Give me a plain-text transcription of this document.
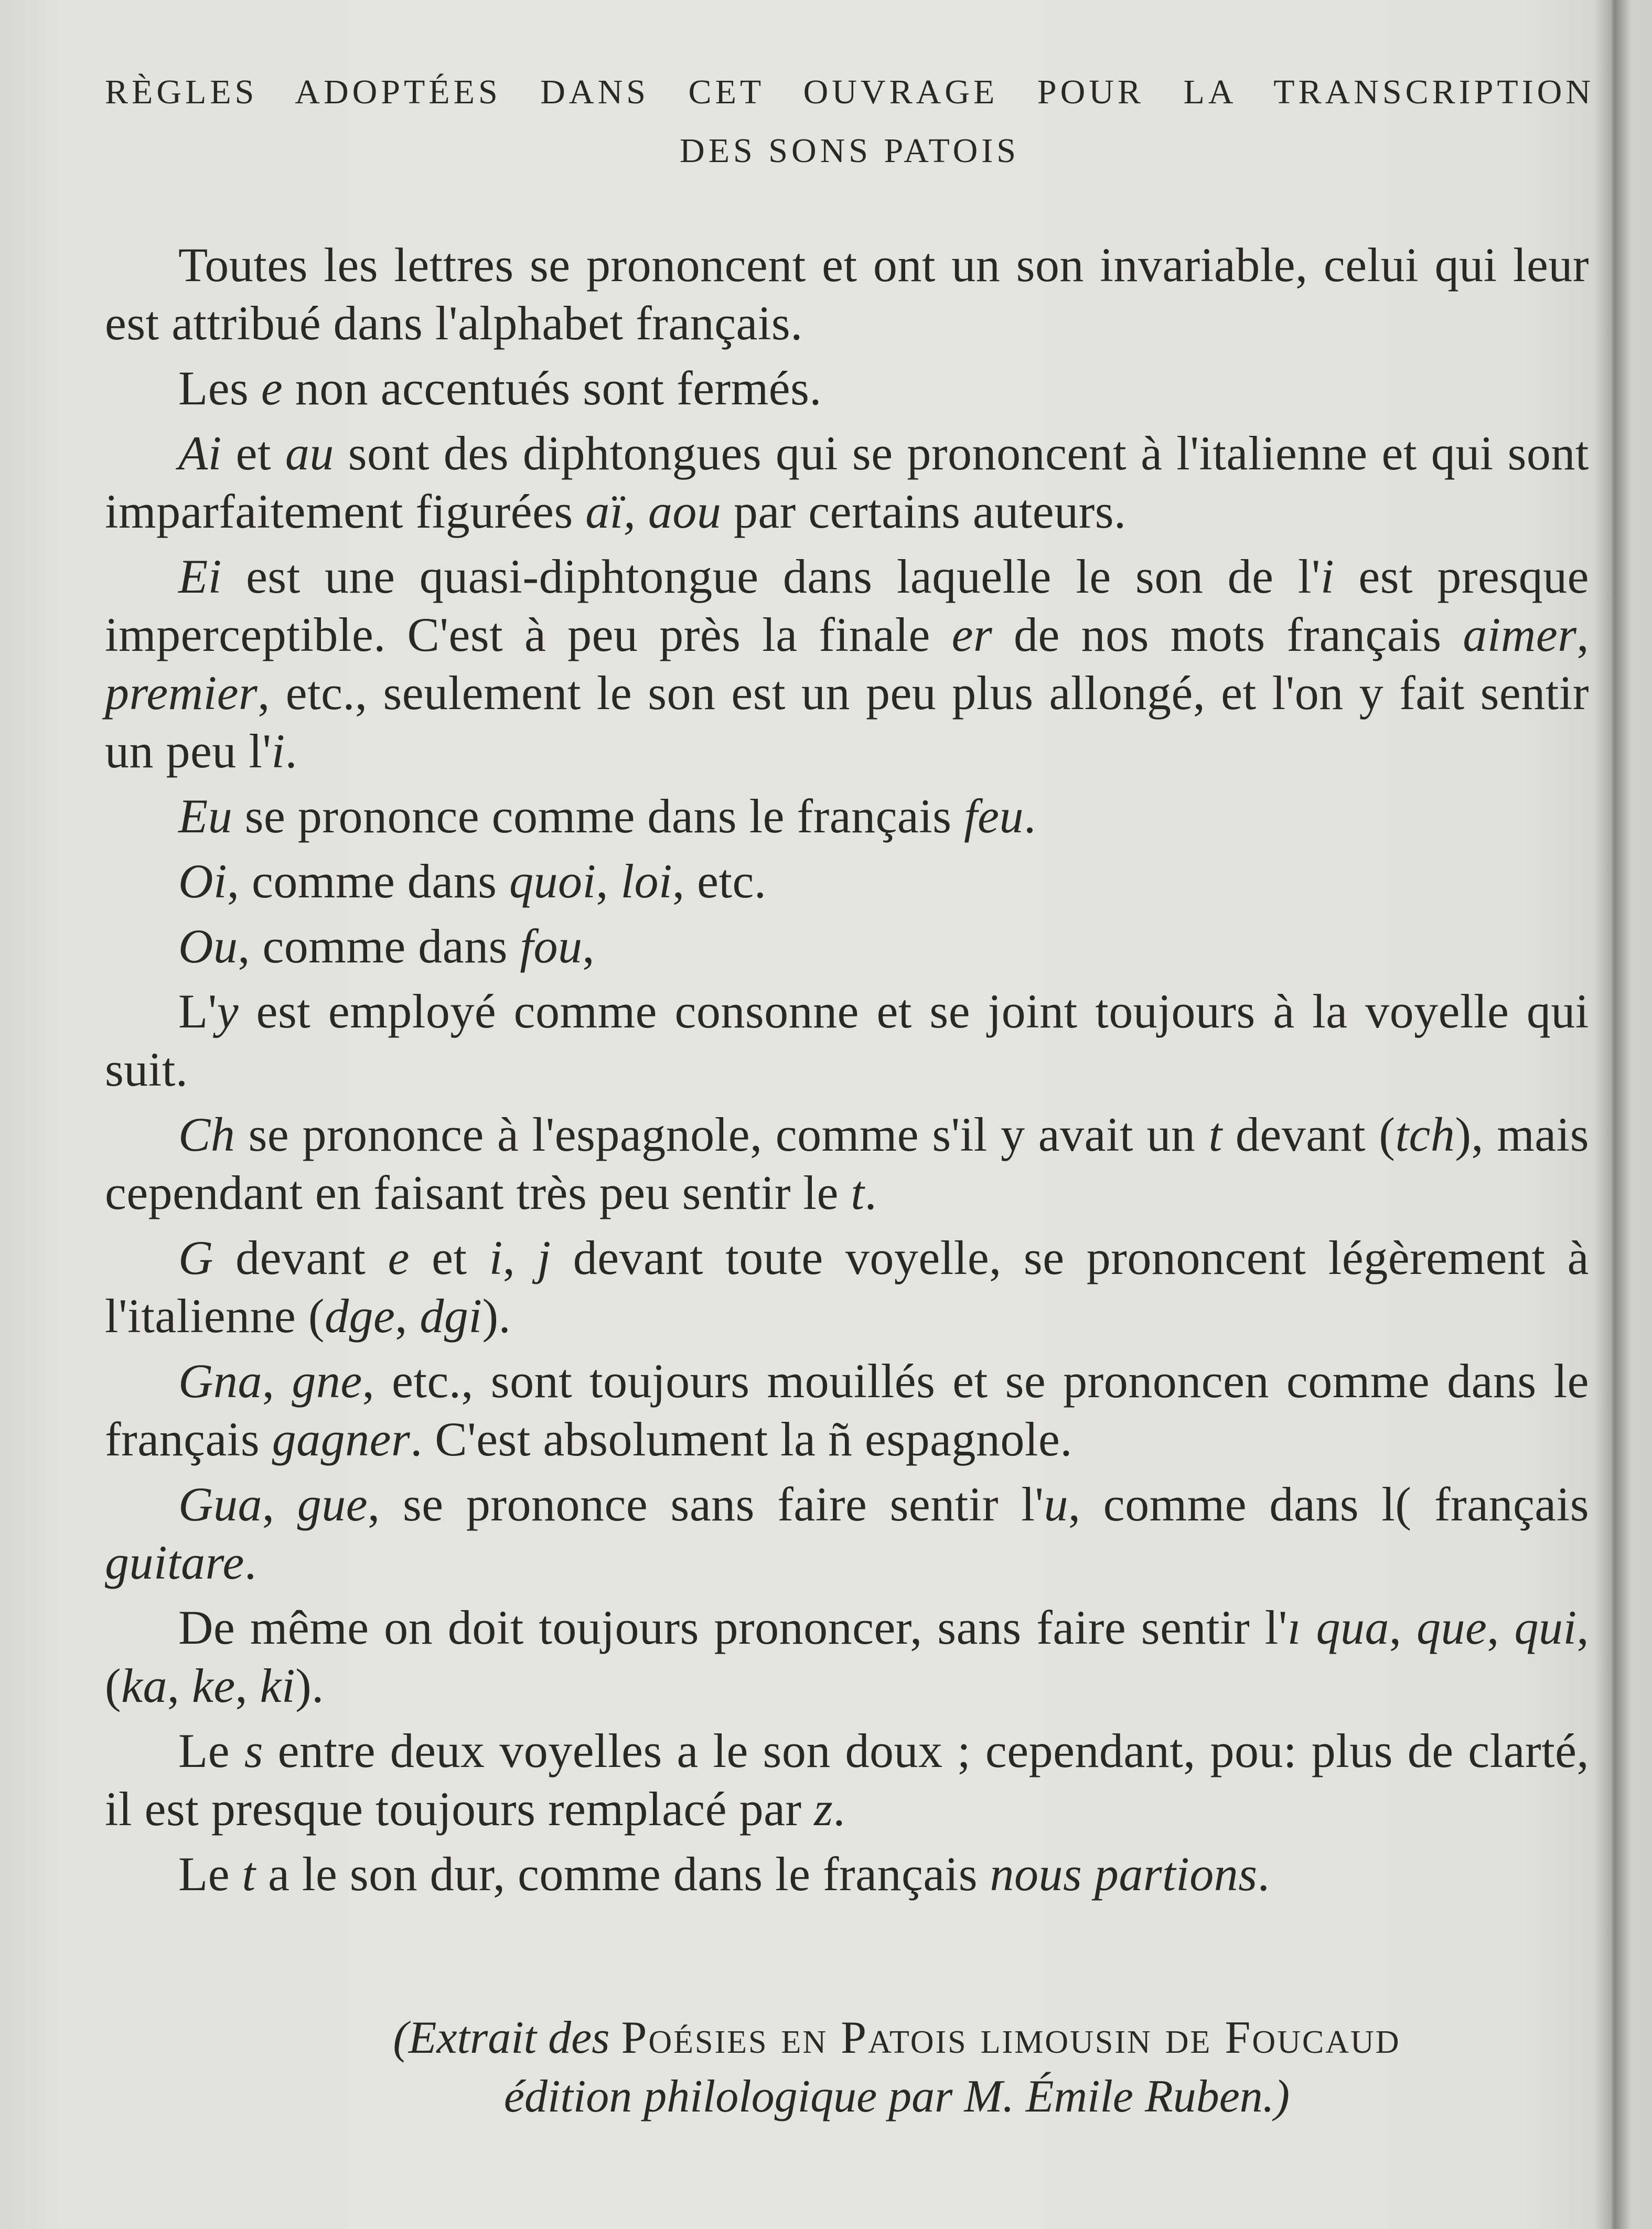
RÈGLES ADOPTÉES DANS CET OUVRAGE POUR LA TRANSCRIPTION
DES SONS PATOIS

Toutes les lettres se prononcent et ont un son invariable, celui qui leur est attribué dans l'alphabet français.

Les e non accentués sont fermés.

Ai et au sont des diphtongues qui se prononcent à l'italienne et qui sont imparfaitement figurées aï, aou par certains auteurs.

Ei est une quasi-diphtongue dans laquelle le son de l'i est presque imperceptible. C'est à peu près la finale er de nos mots français aimer, premier, etc., seulement le son est un peu plus allongé, et l'on y fait sentir un peu l'i.

Eu se prononce comme dans le français feu.

Oi, comme dans quoi, loi, etc.

Ou, comme dans fou,

L'y est employé comme consonne et se joint toujours à la voyelle qui suit.

Ch se prononce à l'espagnole, comme s'il y avait un t devant (tch), mais cependant en faisant très peu sentir le t.

G devant e et i, j devant toute voyelle, se prononcent légèrement à l'italienne (dge, dgi).

Gna, gne, etc., sont toujours mouillés et se prononcen comme dans le français gagner. C'est absolument la ñ espagnole.

Gua, gue, se prononce sans faire sentir l'u, comme dans l( français guitare.

De même on doit toujours prononcer, sans faire sentir l'ı qua, que, qui, (ka, ke, ki).

Le s entre deux voyelles a le son doux ; cependant, pou: plus de clarté, il est presque toujours remplacé par z.

Le t a le son dur, comme dans le français nous partions.

(Extrait des Poésies en Patois limousin de Foucaud
édition philologique par M. Émile Ruben.)
